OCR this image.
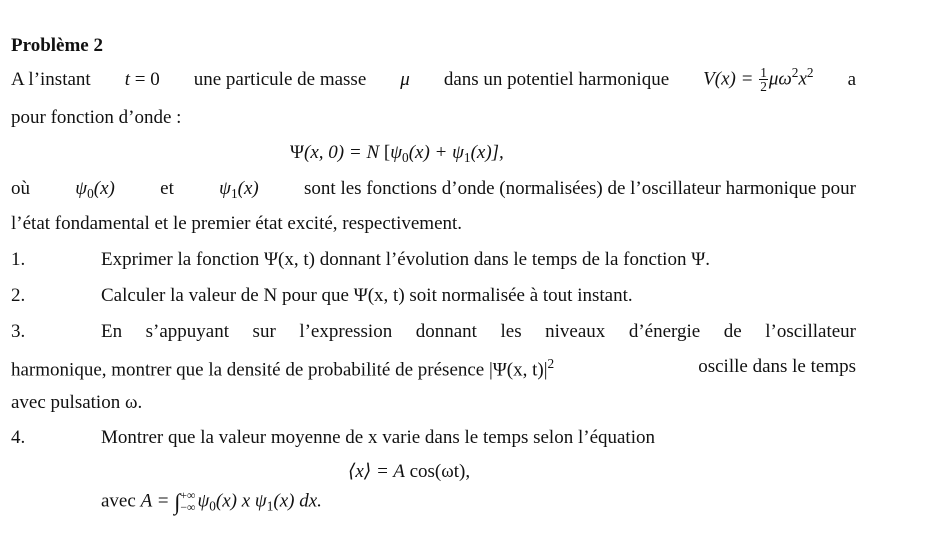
Problème 2
A l’instant t = 0 une particule de masse μ dans un potentiel harmonique $V(x) = \frac{1}{2} \mu\omega^2x^2$ a
pour fonction d’onde :
Ψ(x, 0) = N $[\psi_0(x) + \psi_1(x)]$,
où $\psi_0(x)$ et $\psi_1(x)$ sont les fonctions d’onde (normalisées) de l’oscillateur harmonique pour
l’état fondamental et le premier état excité, respectivement.
1.	Exprimer la fonction Ψ(x, t) donnant l’évolution dans le temps de la fonction Ψ.
2.	Calculer la valeur de N pour que Ψ(x, t) soit normalisée à tout instant.
3.	En s’appuyant sur l’expression donnant les niveaux d’énergie de l’oscillateur
harmonique, montrer que la densité de probabilité de présence |Ψ(x, $t)|^2$	oscille dans le temps
avec pulsation ω.
4.	Montrer que la valeur moyenne de x varie dans le temps selon l’équation
⟨x⟩ = A cos(ωt),
avec A = ∫ +∞
−∞ $\psi_0(x)$ x $\psi_1(x)$ dx.
